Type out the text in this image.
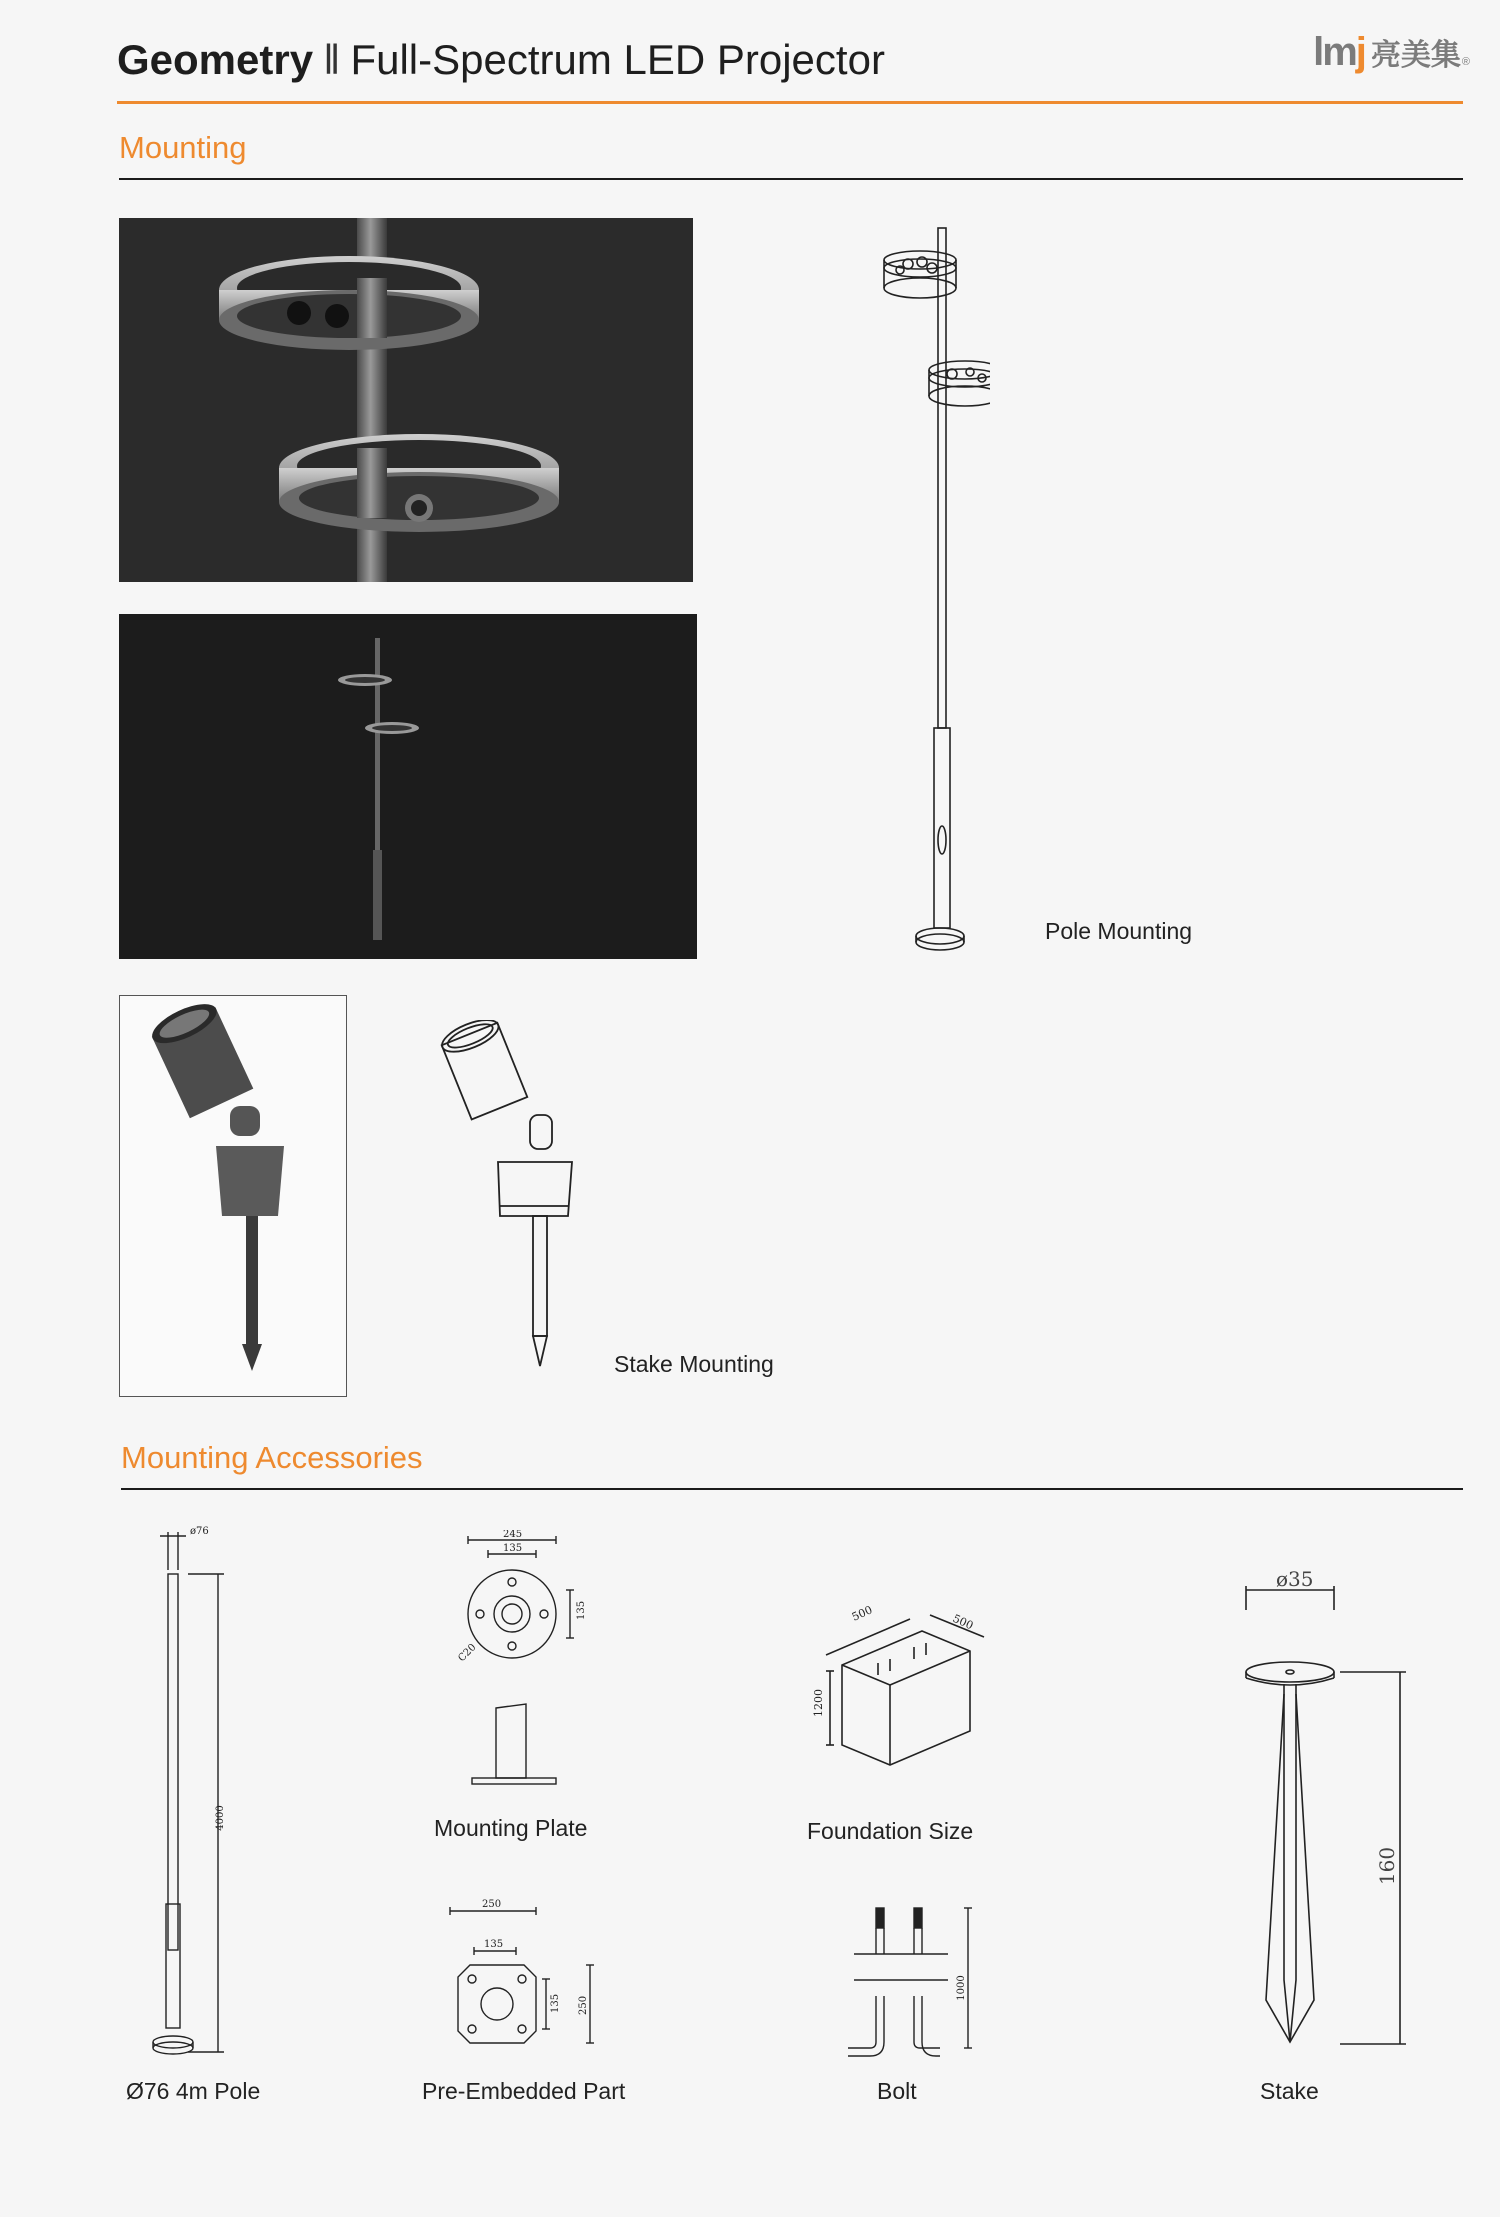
Geometry ‖ Full-Spectrum LED Projector	lm j 亮美集 ®
Mounting
Pole Mounting
Stake Mounting
Mounting Accessories
ø76
4000
Ø76 4m Pole
245
135
135
C20
Mounting Plate
500	500
1200
Foundation Size
250
135
135 250
Pre-Embedded Part
1000
Bolt
ø35
160
Stake
